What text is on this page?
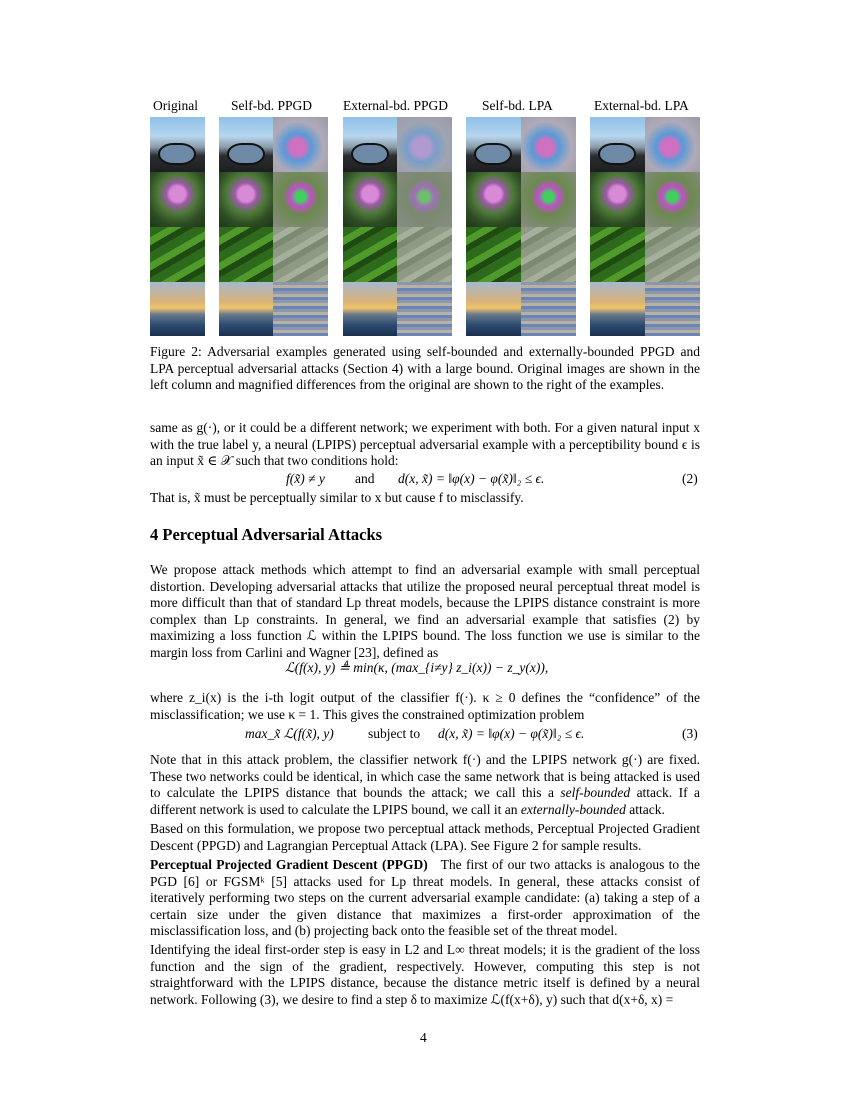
Original Self-bd. PPGD External-bd. PPGD	Self-bd. LPA	External-bd. LPA
Figure 2: Adversarial examples generated using self-bounded and externally-bounded PPGD and LPA perceptual adversarial attacks (Section 4) with a large bound. Original images are shown in the left column and magnified differences from the original are shown to the right of the examples.
same as g(·), or it could be a different network; we experiment with both. For a given natural input x with the true label y, a neural (LPIPS) perceptual adversarial example with a perceptibility bound ϵ is an input x̃ ∈ 𝒳 such that two conditions hold:
f(x̃) ≠ y and d(x, x̃) = ‖φ(x) − φ(x̃)‖₂ ≤ ϵ.	(2)
That is, x̃ must be perceptually similar to x but cause f to misclassify.
4 Perceptual Adversarial Attacks
We propose attack methods which attempt to find an adversarial example with small perceptual distortion. Developing adversarial attacks that utilize the proposed neural perceptual threat model is more difficult than that of standard Lp threat models, because the LPIPS distance constraint is more complex than Lp constraints. In general, we find an adversarial example that satisfies (2) by maximizing a loss function ℒ within the LPIPS bound. The loss function we use is similar to the margin loss from Carlini and Wagner [23], defined as
ℒ(f(x), y) ≜ min(κ, (max_{i≠y} z_i(x)) − z_y(x)),
where z_i(x) is the i-th logit output of the classifier f(·). κ ≥ 0 defines the “confidence” of the misclassification; we use κ = 1. This gives the constrained optimization problem
max_x̃ ℒ(f(x̃), y)	subject to d(x, x̃) = ‖φ(x) − φ(x̃)‖₂ ≤ ϵ.	(3)
Note that in this attack problem, the classifier network f(·) and the LPIPS network g(·) are fixed. These two networks could be identical, in which case the same network that is being attacked is used to calculate the LPIPS distance that bounds the attack; we call this a self-bounded attack. If a different network is used to calculate the LPIPS bound, we call it an externally-bounded attack.
Based on this formulation, we propose two perceptual attack methods, Perceptual Projected Gradient Descent (PPGD) and Lagrangian Perceptual Attack (LPA). See Figure 2 for sample results.
Perceptual Projected Gradient Descent (PPGD) The first of our two attacks is analogous to the PGD [6] or FGSMᵏ [5] attacks used for Lp threat models. In general, these attacks consist of iteratively performing two steps on the current adversarial example candidate: (a) taking a step of a certain size under the given distance that maximizes a first-order approximation of the misclassification loss, and (b) projecting back onto the feasible set of the threat model.
Identifying the ideal first-order step is easy in L2 and L∞ threat models; it is the gradient of the loss function and the sign of the gradient, respectively. However, computing this step is not straightforward with the LPIPS distance, because the distance metric itself is defined by a neural network. Following (3), we desire to find a step δ to maximize ℒ(f(x+δ), y) such that d(x+δ, x) =
4
